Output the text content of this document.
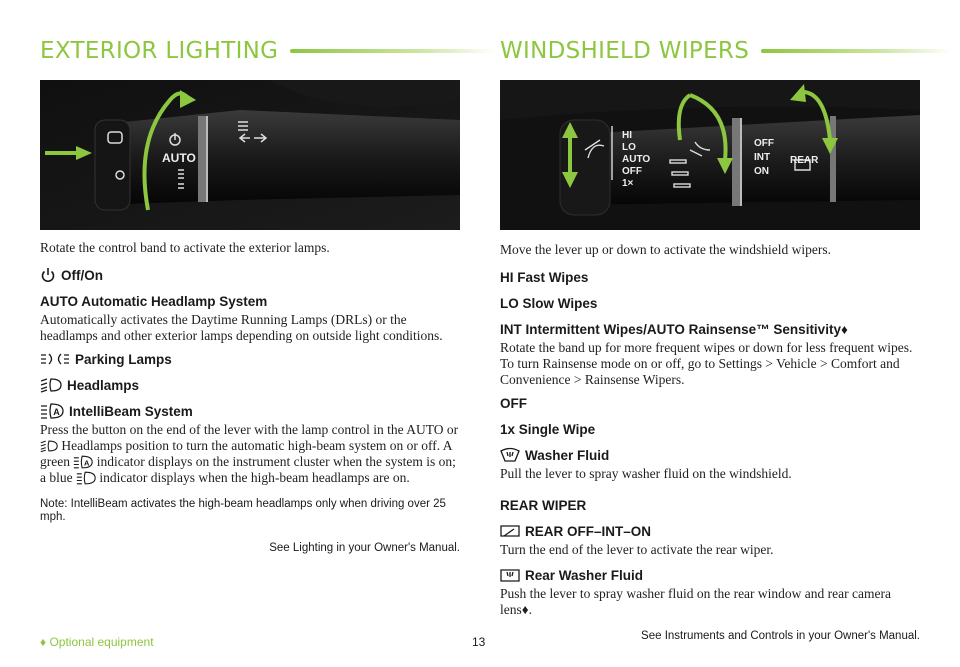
EXTERIOR LIGHTING
AUTO

Rotate the control band to activate the exterior lamps.

Off/On
AUTO Automatic Headlamp System

Automatically activates the Daytime Running Lamps (DRLs) or the headlamps and other exterior lamps depending on outside light conditions.

Parking Lamps
Headlamps
A IntelliBeam System

Press the button on the end of the lever with the lamp control in the AUTO or  Headlamps position to turn the automatic high-beam system on or off. A green A indicator displays on the instrument cluster when the system is on; a blue indicator displays when the high-beam headlamps are on.

Note: IntelliBeam activates the high-beam headlamps only when driving over 25 mph.

See Lighting in your Owner's Manual.

WINDSHIELD WIPERS
HI
LO
AUTO
OFF
1×
OFF
INT
ON
REAR

Move the lever up or down to activate the windshield wipers.

HI Fast Wipes
LO Slow Wipes
INT Intermittent Wipes/AUTO Rainsense™ Sensitivity♦

Rotate the band up for more frequent wipes or down for less frequent wipes. To turn Rainsense mode on or off, go to Settings > Vehicle > Comfort and Convenience > Rainsense Wipers.

OFF
1x Single Wipe
Washer Fluid

Pull the lever to spray washer fluid on the windshield.

REAR WIPER
REAR OFF–INT–ON

Turn the end of the lever to activate the rear wiper.

Rear Washer Fluid

Push the lever to spray washer fluid on the rear window and rear camera lens♦.

♦ Optional equipment	13	See Instruments and Controls in your Owner's Manual.
